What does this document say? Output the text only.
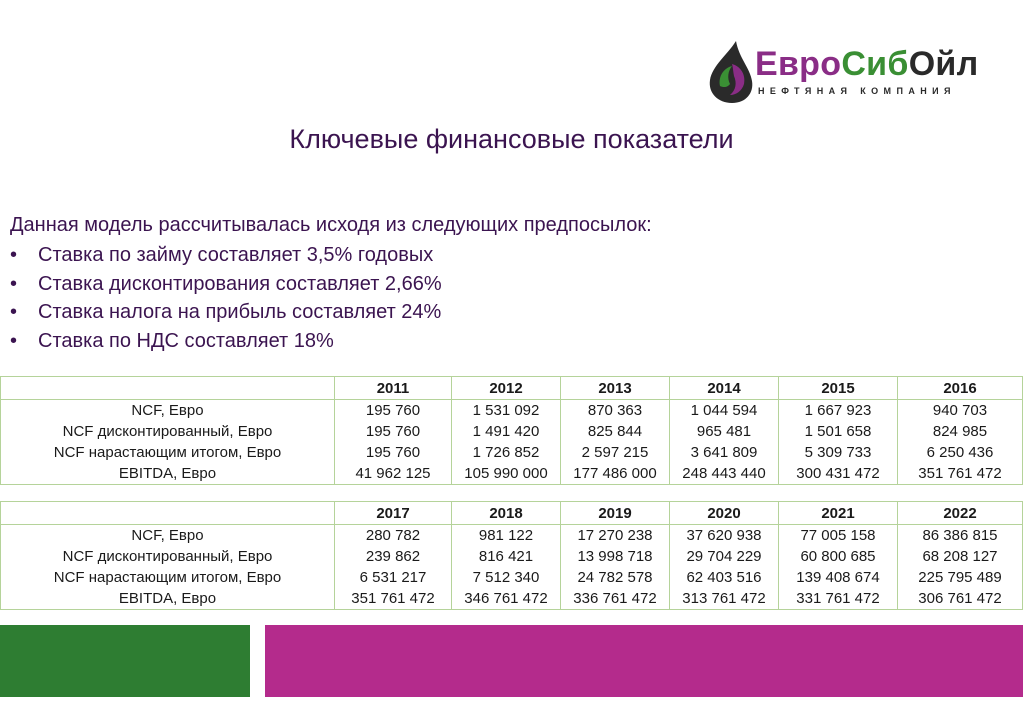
ЕвроСибОйл
НЕФТЯНАЯ КОМПАНИЯ
Ключевые финансовые показатели
Данная модель рассчитывалась исходя из следующих предпосылок:
• Ставка по займу составляет 3,5% годовых
• Ставка дисконтирования составляет 2,66%
• Ставка налога на прибыль составляет 24%
• Ставка по НДС составляет 18%
	2011	2012	2013	2014	2015	2016
NCF, Евро	195 760	1 531 092	870 363	1 044 594	1 667 923	940 703
NCF дисконтированный, Евро	195 760	1 491 420	825 844	965 481	1 501 658	824 985
NCF нарастающим итогом, Евро	195 760	1 726 852	2 597 215	3 641 809	5 309 733	6 250 436
EBITDA, Евро	41 962 125	105 990 000	177 486 000	248 443 440	300 431 472	351 761 472
	2017	2018	2019	2020	2021	2022
NCF, Евро	280 782	981 122	17 270 238	37 620 938	77 005 158	86 386 815
NCF дисконтированный, Евро	239 862	816 421	13 998 718	29 704 229	60 800 685	68 208 127
NCF нарастающим итогом, Евро	6 531 217	7 512 340	24 782 578	62 403 516	139 408 674	225 795 489
EBITDA, Евро	351 761 472	346 761 472	336 761 472	313 761 472	331 761 472	306 761 472
